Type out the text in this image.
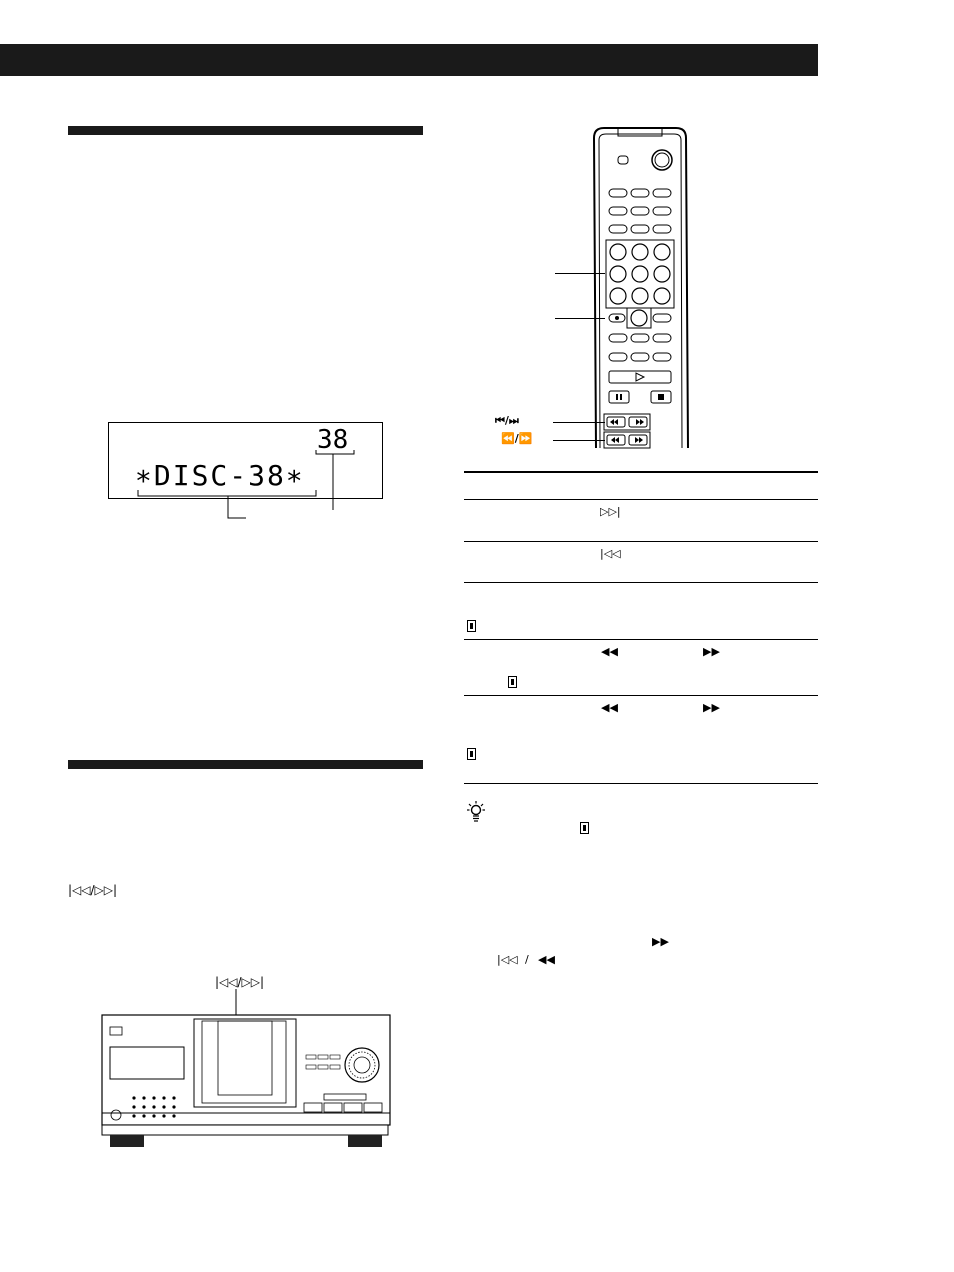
38
∗DISC-38∗
|◁◁/▷▷|
|◁◁/▷▷|
⏮/⏭
⏪/⏩
▷▷|
|◁◁
◀◀	▶▶
◀◀	▶▶
▶▶
|◁◁ / ◀◀
